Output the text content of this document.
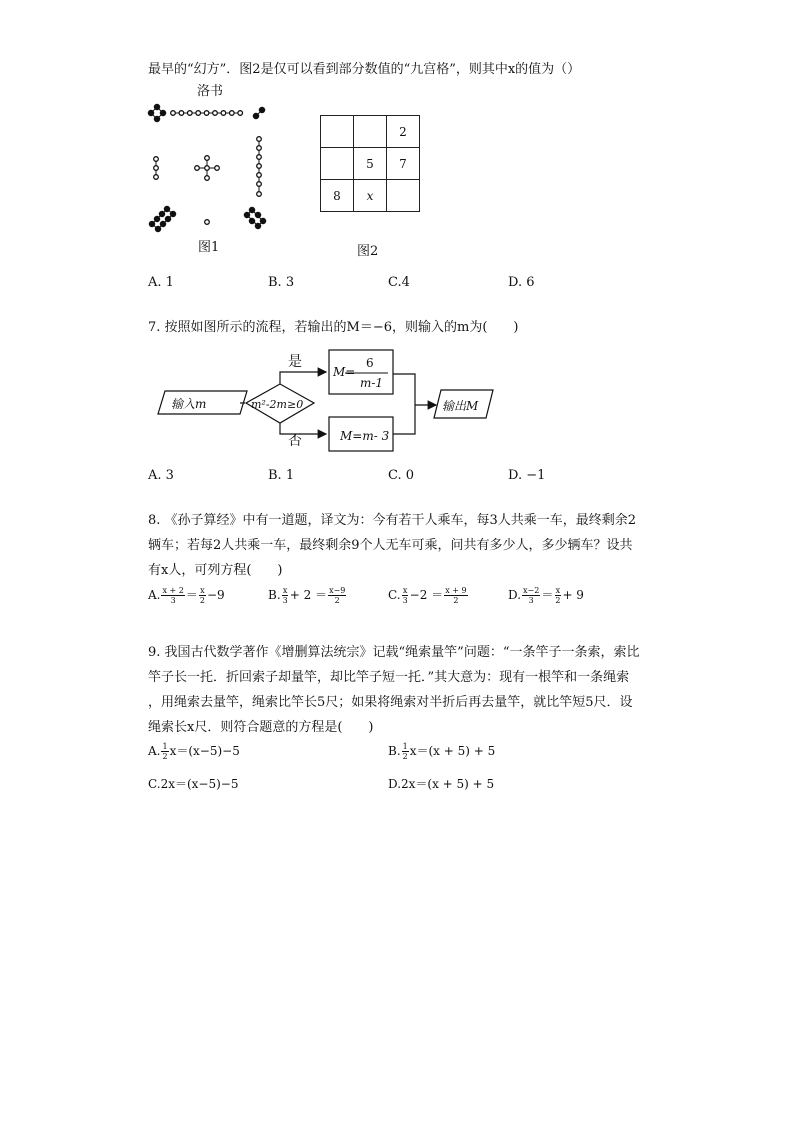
最早的“幻方”．图2是仅可以看到部分数值的“九宫格”，则其中x的值为（）
洛书
图1
		2
	5	7
8	x	
图2
A. 1	B. 3	C.4	D. 6
7. 按照如图所示的流程，若输出的M＝−6，则输入的m为(　　)
输入m	m²-2m≥0
是
否
M=
6
m-1
M=m- 3
输出M
A. 3	B. 1	C. 0	D. −1
8. 《孙子算经》中有一道题，译文为：今有若干人乘车，每3人共乘一车，最终剩余2
辆车；若每2人共乘一车，最终剩余9个人无车可乘，问共有多少人，多少辆车？设共
有x人，可列方程(　　)
A. $\frac{x + 2}{3} = \frac{x}{2} -9$	B. $\frac{x}{3} + 2 = \frac{x-9}{2}$	C. $\frac{x}{3} -2 = \frac{x + 9}{2}$	D. $\frac{x-2}{3} = \frac{x}{2} + 9$
9. 我国古代数学著作《增删算法统宗》记载“绳索量竿”问题：“一条竿子一条索，索比
竿子长一托．折回索子却量竿，却比竿子短一托．”其大意为：现有一根竿和一条绳索
，用绳索去量竿，绳索比竿长5尺；如果将绳索对半折后再去量竿，就比竿短5尺．设
绳索长x尺．则符合题意的方程是(　　)
A. $\frac{1}{2} x=(x-5)-5$	B. $\frac{1}{2} x=(x + 5) + 5$
C.2x＝(x−5)−5	D.2x＝(x + 5) + 5
